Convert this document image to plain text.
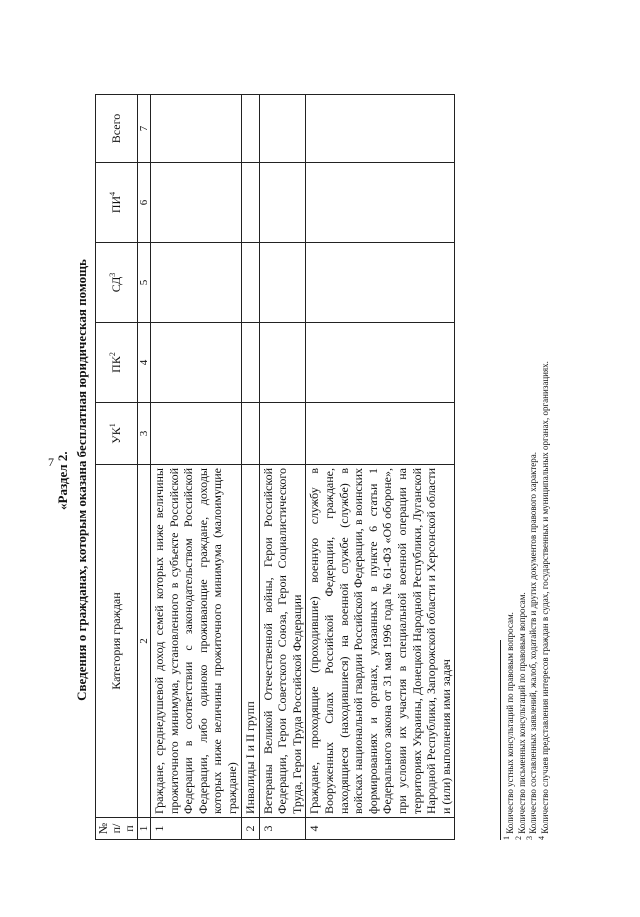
7 «Раздел 2. Сведения о гражданах, которым оказана бесплатная юридическая помощь
№ п/п	Категория граждан	$УК^1$	$ПК^2$	$СД^3$	$ПИ^4$	Всего
1	2	3	4	5	6	7
1	Граждане, среднедушевой доход семей которых ниже величины прожиточного минимума, установленного в субъекте Российской Федерации в соответствии с законодательством Российской Федерации, либо одиноко проживающие граждане, доходы которых ниже величины прожиточного минимума (малоимущие граждане)					
2	Инвалиды I и II групп					
3	Ветераны Великой Отечественной войны, Герои Российской Федерации, Герои Советского Союза, Герои Социалистического Труда, Герои Труда Российской Федерации					
4	Граждане, проходящие (проходившие) военную службу в Вооруженных Силах Российской Федерации, граждане, находящиеся (находившиеся) на военной службе (службе) в войсках национальной гвардии Российской Федерации, в воинских формированиях и органах, указанных в пункте 6 статьи 1 Федерального закона от 31 мая 1996 года № 61-ФЗ «Об обороне», при условии их участия в специальной военной операции на территориях Украины, Донецкой Народной Республики, Луганской Народной Республики, Запорожской области и Херсонской области и (или) выполнения ими задач					
$^1$ Количество устных консультаций по правовым вопросам.
$^2$ Количество письменных консультаций по правовым вопросам.
$^3$ Количество составленных заявлений, жалоб, ходатайств и других документов правового характера.
$^4$ Количество случаев представления интересов граждан в судах, государственных и муниципальных органах, организациях.
